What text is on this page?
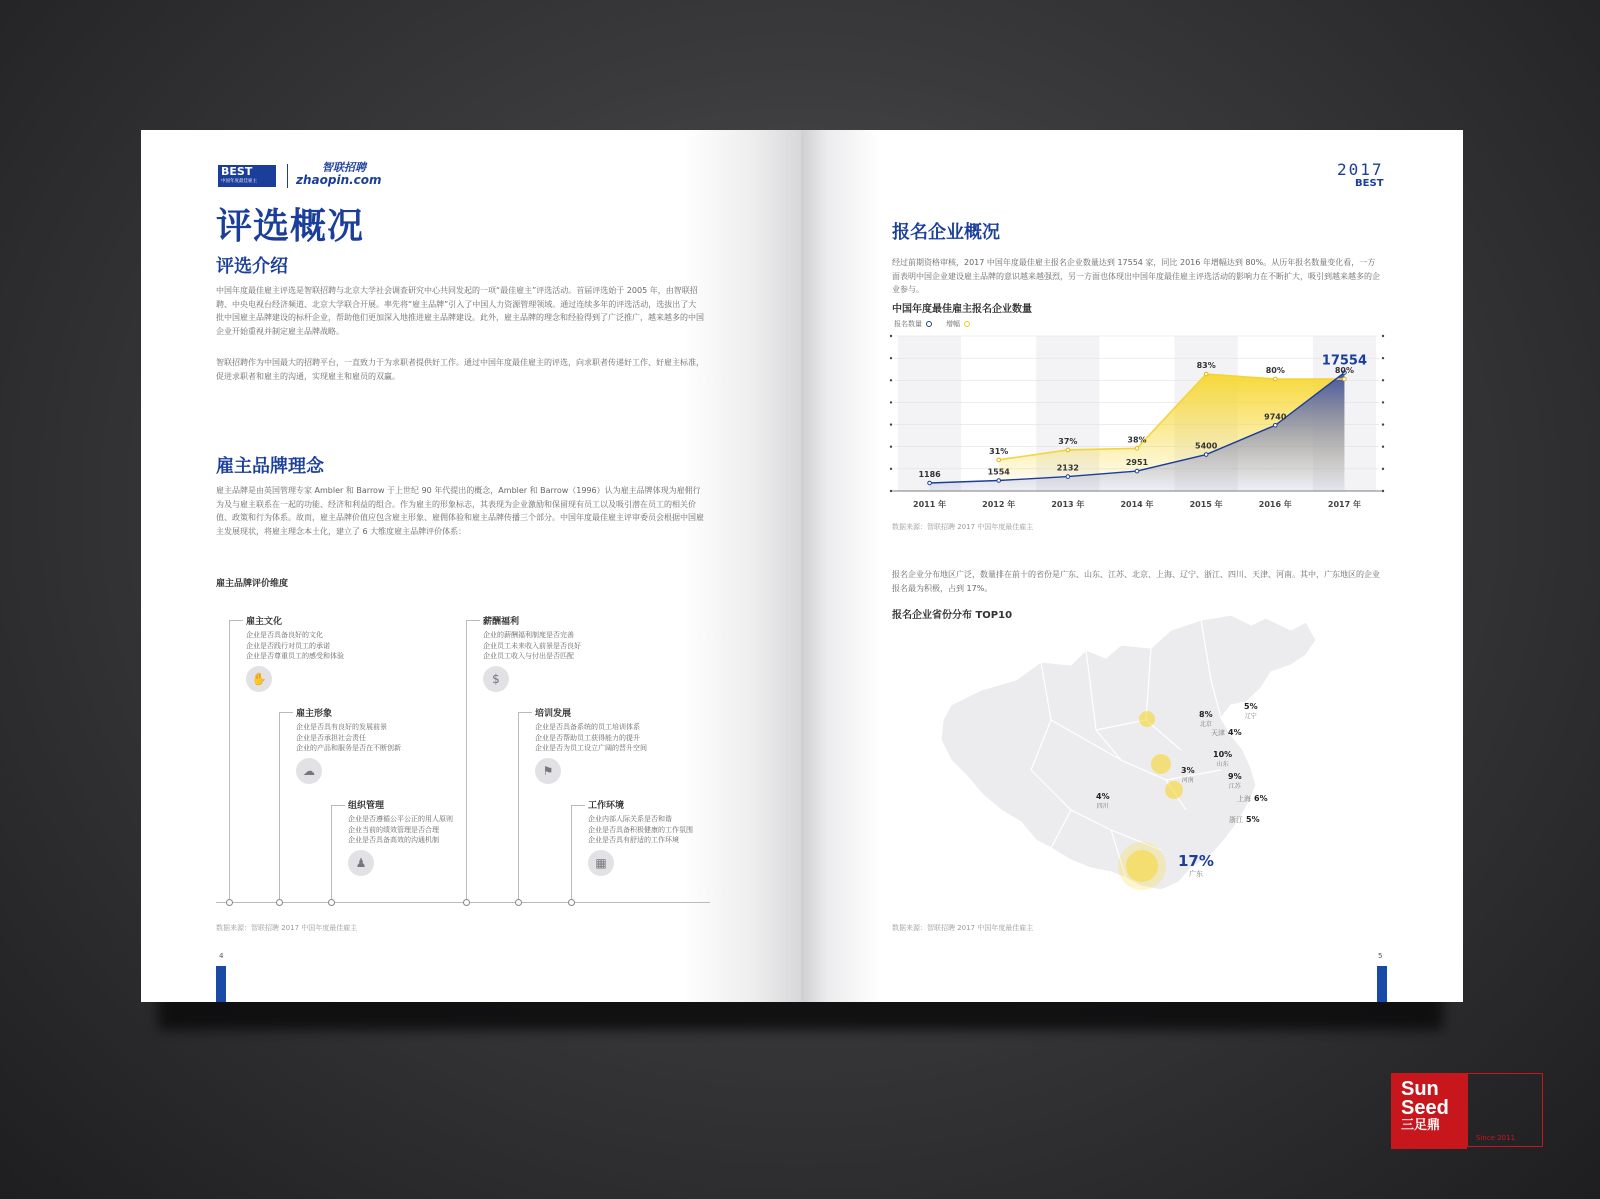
BEST
中国年度最佳雇主
智联招聘
zhaopin.com
评选概况
评选介绍
中国年度最佳雇主评选是智联招聘与北京大学社会调查研究中心共同发起的一项“最佳雇主”评选活动。首届评选始于 2005 年，由智联招聘、中央电视台经济频道、北京大学联合开展。率先将“雇主品牌”引入了中国人力资源管理领域。通过连续多年的评选活动，选拔出了大批中国雇主品牌建设的标杆企业，帮助他们更加深入地推进雇主品牌建设。此外，雇主品牌的理念和经验得到了广泛推广，越来越多的中国企业开始重视并制定雇主品牌战略。
智联招聘作为中国最大的招聘平台，一直致力于为求职者提供好工作。通过中国年度最佳雇主的评选，向求职者传递好工作、好雇主标准，促进求职者和雇主的沟通，实现雇主和雇员的双赢。
雇主品牌理念
雇主品牌是由英国管理专家 Ambler 和 Barrow 于上世纪 90 年代提出的概念，Ambler 和 Barrow（1996）认为雇主品牌体现为雇佣行为及与雇主联系在一起的功能、经济和利益的组合。作为雇主的形象标志，其表现为企业激励和保留现有员工以及吸引潜在员工的相关价值、政策和行为体系。故而，雇主品牌价值应包含雇主形象、雇佣体验和雇主品牌传播三个部分。中国年度最佳雇主评审委员会根据中国雇主发展现状，将雇主理念本土化，建立了 6 大维度雇主品牌评价体系：
雇主品牌评价维度
雇主文化
企业是否具备良好的文化
企业是否践行对员工的承诺
企业是否尊重员工的感受和体验
✋
雇主形象
企业是否具有良好的发展前景
企业是否承担社会责任
企业的产品和服务是否在不断创新
☁
组织管理
企业是否遵循公平公正的用人原则
企业当前的绩效管理是否合理
企业是否具备高效的沟通机制
♟
薪酬福利
企业的薪酬福利制度是否完善
企业员工未来收入前景是否良好
企业员工收入与付出是否匹配
$
培训发展
企业是否具备系统的员工培训体系
企业是否帮助员工获得能力的提升
企业是否为员工设立广阔的晋升空间
⚑
工作环境
企业内部人际关系是否和谐
企业是否具备积极健康的工作氛围
企业是否具有舒适的工作环境
▦
数据来源：智联招聘 2017 中国年度最佳雇主
4
2017
BEST
报名企业概况
经过前期资格审核，2017 中国年度最佳雇主报名企业数量达到 17554 家，同比 2016 年增幅达到 80%。从历年报名数量变化看，一方面表明中国企业建设雇主品牌的意识越来越强烈，另一方面也体现出中国年度最佳雇主评选活动的影响力在不断扩大，吸引到越来越多的企业参与。
中国年度最佳雇主报名企业数量
报名数量	增幅
1186	1554	2132
2951
5400
9740
17554
31%
37%	38%
83%
80%	80%
2011 年	2012 年	2013 年	2014 年	2015 年	2016 年	2017 年
数据来源：智联招聘 2017 中国年度最佳雇主
报名企业分布地区广泛，数量排在前十的省份是广东、山东、江苏、北京、上海、辽宁、浙江、四川、天津、河南。其中，广东地区的企业报名最为积极，占到 17%。
报名企业省份分布 TOP10
8%
北京
5%
辽宁
天津 4%
10%
山东
3%
河南	9%
江苏
上海 6%
4%
四川
浙江 5%
17%
广东
数据来源：智联招聘 2017 中国年度最佳雇主
5
Sun
Seed
三足鼎
Since 2011
